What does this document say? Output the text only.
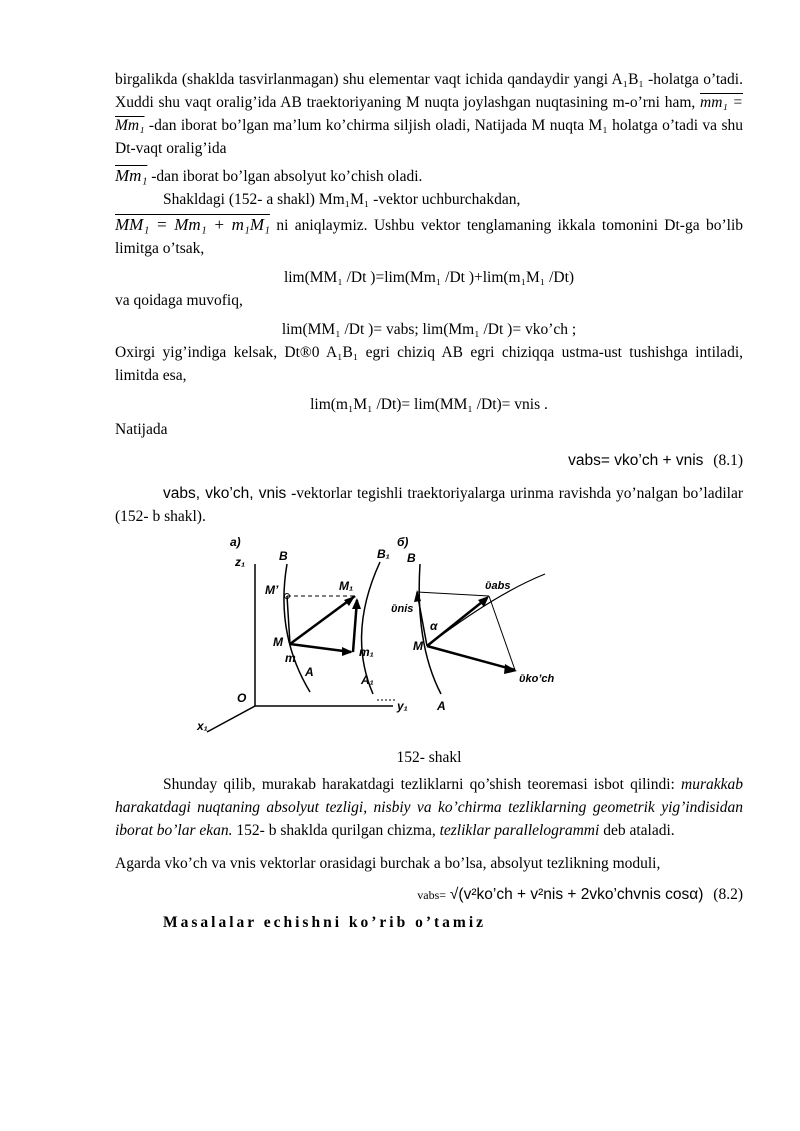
birgalikda (shaklda tasvirlanmagan) shu elementar vaqt ichida qandaydir yangi A₁B₁ -holatga o’tadi. Xuddi shu vaqt oralig’ida AB traektoriyaning M nuqta joylashgan nuqtasining m-o’rni ham, mm₁ = Mm₁ -dan iborat bo’lgan ma’lum ko’chirma siljish oladi, Natijada M nuqta M₁ holatga o’tadi va shu Dt-vaqt oralig’ida

Mm₁ -dan iborat bo’lgan absolyut ko’chish oladi.

Shakldagi (152- a shakl) Mm₁M₁ -vektor uchburchakdan,

MM₁ = Mm₁ + m₁M₁ ni aniqlaymiz. Ushbu vektor tenglamaning ikkala tomonini Dt-ga bo’lib limitga o’tsak,

lim(MM₁ /Dt )=lim(Mm₁ /Dt )+lim(m₁M₁ /Dt)

va qoidaga muvofiq,

lim(MM₁ /Dt )= vabs; lim(Mm₁ /Dt )= vko’ch ;

Oxirgi yig’indiga kelsak, Dt®0 A₁B₁ egri chiziq AB egri chiziqqa ustma-ust tushishga intiladi, limitda esa,

lim(m₁M₁ /Dt)= lim(MM₁ /Dt)= vnis .

Natijada

vabs= vko’ch + vnis (8.1)

vabs, vko’ch, vnis -vektorlar tegishli traektoriyalarga urinma ravishda yo’nalgan bo’ladilar (152- b shakl).

a)
z₁
O
y₁
x₁
B	B₁
A
A₁
M’	M₁
M
m	m₁
б)
B
A
M
α
ῡabs
ῡnis
ῡko’ch

152- shakl

Shunday qilib, murakab harakatdagi tezliklarni qo’shish teoremasi isbot qilindi: murakkab harakatdagi nuqtaning absolyut tezligi, nisbiy va ko’chirma tezliklarning geometrik yig’indisidan iborat bo’lar ekan. 152- b shaklda qurilgan chizma, tezliklar parallelogrammi deb ataladi.

Agarda vko’ch va vnis vektorlar orasidagi burchak a bo’lsa, absolyut tezlikning moduli,

vabs= √(v²ko’ch + v²nis + 2vko’chvnis cosα) (8.2)

Masalalar echishni ko’rib o’tamiz
